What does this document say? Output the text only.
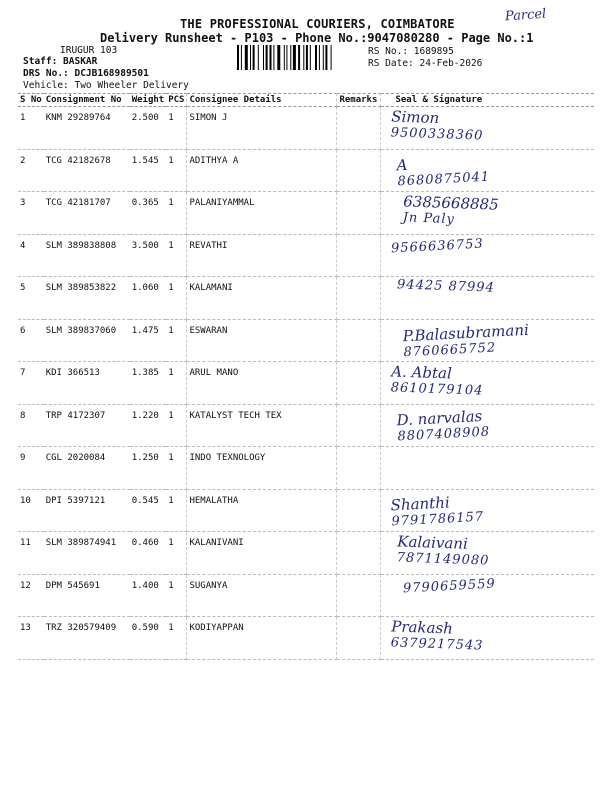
THE PROFESSIONAL COURIERS, COIMBATORE
Delivery Runsheet - P103 - Phone No.:9047080280 - Page No.:1
Parcel
IRUGUR 103
Staff: BASKAR
DRS No.: DCJB168989501
Vehicle: Two Wheeler Delivery
RS No.: 1689895
RS Date: 24-Feb-2026
S No	Consignment No	Weight	PCS	Consignee Details	Remarks	Seal & Signature
1	KNM 29289764	2.500	1	SIMON J		Simon
9500338360

2	TCG 42182678	1.545	1	ADITHYA A		A
8680875041

3	TCG 42181707	0.365	1	PALANIYAMMAL		6385668885
Jn Paly

4	SLM 389838808	3.500	1	REVATHI		9566636753

5	SLM 389853822	1.060	1	KALAMANI		94425 87994

6	SLM 389837060	1.475	1	ESWARAN		P.Balasubramani
8760665752

7	KDI 366513	1.385	1	ARUL MANO		A. Abtal
8610179104

8	TRP 4172307	1.220	1	KATALYST TECH TEX		D. narvalas
8807408908

9	CGL 2020084	1.250	1	INDO TEXNOLOGY		

10	DPI 5397121	0.545	1	HEMALATHA		Shanthi
9791786157

11	SLM 389874941	0.460	1	KALANIVANI		Kalaivani
7871149080

12	DPM 545691	1.400	1	SUGANYA		9790659559

13	TRZ 320579409	0.590	1	KODIYAPPAN		Prakash
6379217543
